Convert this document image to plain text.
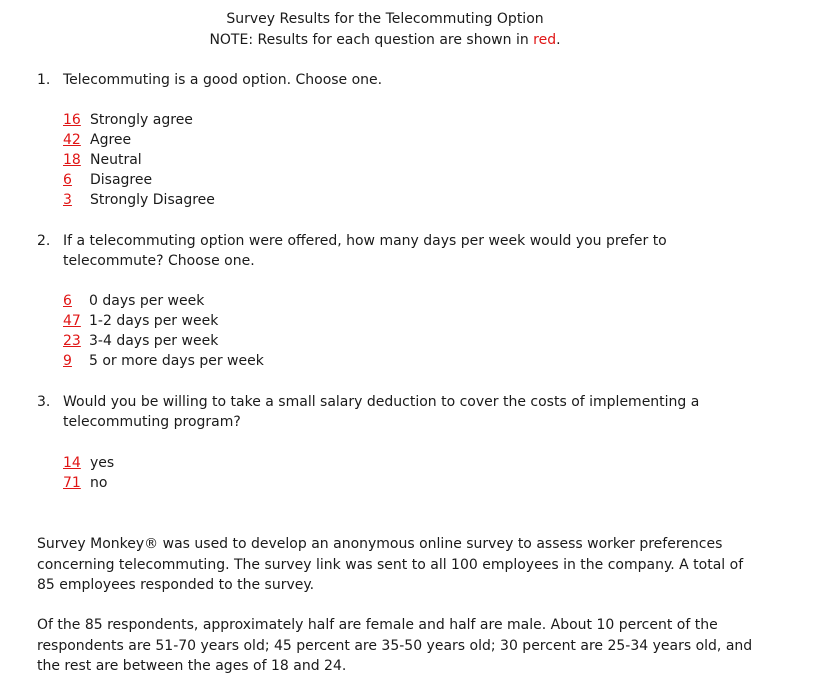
Survey Results for the Telecommuting Option
NOTE: Results for each question are shown in red.
1. Telecommuting is a good option. Choose one.
16 Strongly agree
42 Agree
18 Neutral
6 Disagree
3 Strongly Disagree
2. If a telecommuting option were offered, how many days per week would you prefer to
telecommute? Choose one.
6 0 days per week
47 1-2 days per week
23 3-4 days per week
9 5 or more days per week
3. Would you be willing to take a small salary deduction to cover the costs of implementing a
telecommuting program?
14 yes
71 no

Survey Monkey® was used to develop an anonymous online survey to assess worker preferences concerning telecommuting. The survey link was sent to all 100 employees in the company. A total of 85 employees responded to the survey.

Of the 85 respondents, approximately half are female and half are male. About 10 percent of the respondents are 51-70 years old; 45 percent are 35-50 years old; 30 percent are 25-34 years old, and the rest are between the ages of 18 and 24.
